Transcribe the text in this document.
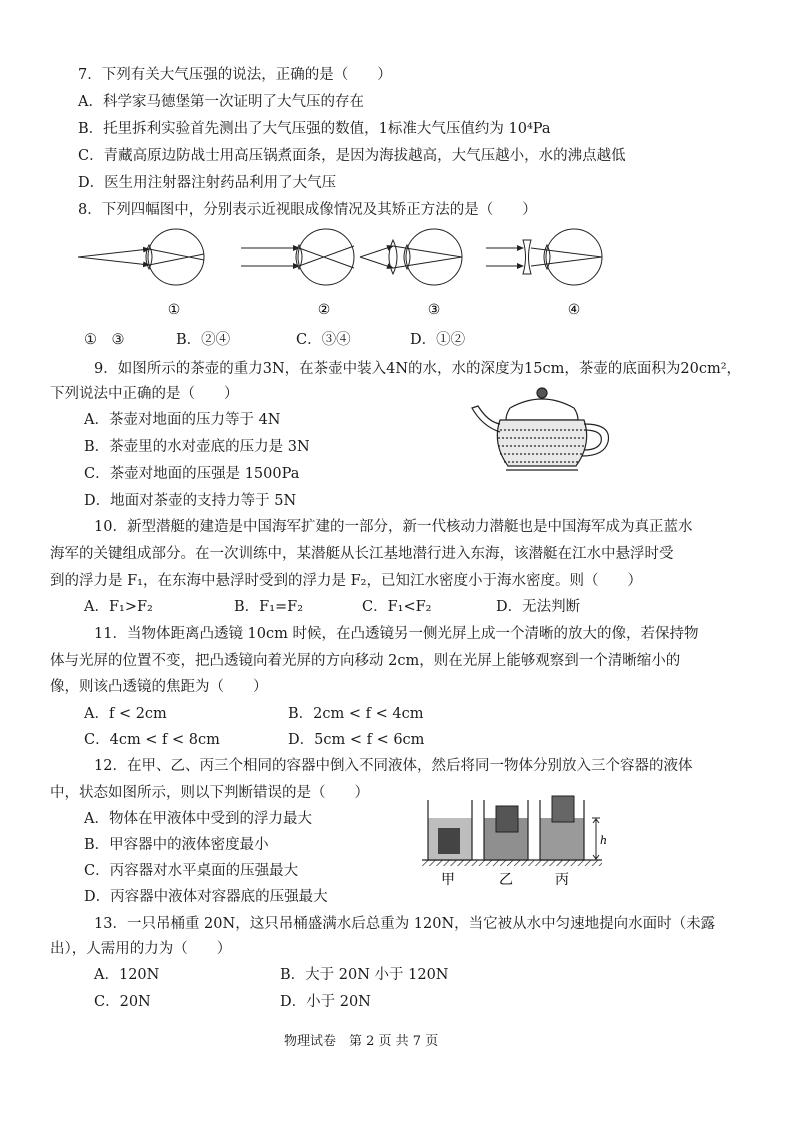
7．下列有关大气压强的说法，正确的是（　　）
A．科学家马德堡第一次证明了大气压的存在
B．托里拆利实验首先测出了大气压强的数值，1标准大气压值约为 10⁴Pa
C．青藏高原边防战士用高压锅煮面条，是因为海拔越高，大气压越小，水的沸点越低
D．医生用注射器注射药品利用了大气压
8．下列四幅图中，分别表示近视眼成像情况及其矫正方法的是（　　）
①	②	③	④
①　③	B．②④	C．③④	D．①②
9．如图所示的茶壶的重力3N，在茶壶中装入4N的水，水的深度为15cm，茶壶的底面积为20cm²，
下列说法中正确的是（　　）
A．茶壶对地面的压力等于 4N
B．茶壶里的水对壶底的压力是 3N
C．茶壶对地面的压强是 1500Pa
D．地面对茶壶的支持力等于 5N
10．新型潜艇的建造是中国海军扩建的一部分，新一代核动力潜艇也是中国海军成为真正蓝水
海军的关键组成部分。在一次训练中，某潜艇从长江基地潜行进入东海，该潜艇在江水中悬浮时受
到的浮力是 F₁，在东海中悬浮时受到的浮力是 F₂，已知江水密度小于海水密度。则（　　）
A．F₁>F₂	B．F₁=F₂	C．F₁<F₂	D．无法判断
11．当物体距离凸透镜 10cm 时候，在凸透镜另一侧光屏上成一个清晰的放大的像，若保持物
体与光屏的位置不变，把凸透镜向着光屏的方向移动 2cm，则在光屏上能够观察到一个清晰缩小的
像，则该凸透镜的焦距为（　　）
A．f < 2cm	B．2cm < f < 4cm
C．4cm < f < 8cm	D．5cm < f < 6cm
12．在甲、乙、丙三个相同的容器中倒入不同液体，然后将同一物体分别放入三个容器的液体
中，状态如图所示，则以下判断错误的是（　　）
A．物体在甲液体中受到的浮力最大
B．甲容器中的液体密度最小
C．丙容器对水平桌面的压强最大
D．丙容器中液体对容器底的压强最大
h
甲	乙	丙
13．一只吊桶重 20N，这只吊桶盛满水后总重为 120N，当它被从水中匀速地提向水面时（未露
出），人需用的力为（　　）
A．120N	B．大于 20N 小于 120N
C．20N	D．小于 20N
物理试卷　第 2 页 共 7 页
